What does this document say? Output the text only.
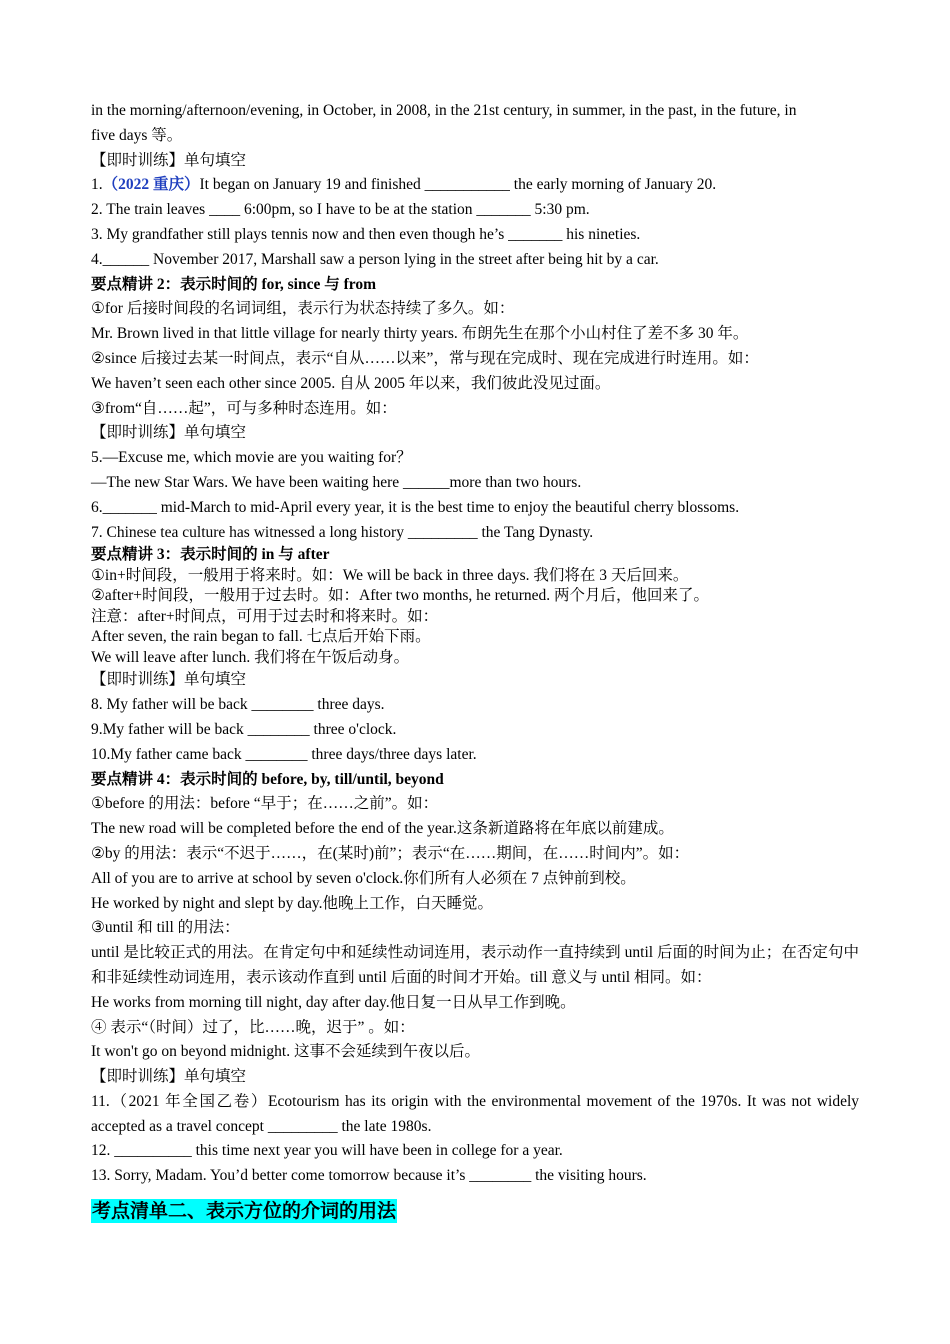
in the morning/afternoon/evening, in October, in 2008, in the 21st century, in summer, in the past, in the future, in
five days 等。
【即时训练】单句填空
1.（2022 重庆）It began on January 19 and finished ___________ the early morning of January 20.
2. The train leaves ____ 6:00pm, so I have to be at the station _______ 5:30 pm.
3. My grandfather still plays tennis now and then even though he’s _______ his nineties.
4.______ November 2017, Marshall saw a person lying in the street after being hit by a car.
要点精讲 2：表示时间的 for, since 与 from
①for 后接时间段的名词词组，表示行为状态持续了多久。如：
Mr. Brown lived in that little village for nearly thirty years. 布朗先生在那个小山村住了差不多 30 年。
②since 后接过去某一时间点，表示“自从……以来”，常与现在完成时、现在完成进行时连用。如：
We haven’t seen each other since 2005. 自从 2005 年以来，我们彼此没见过面。
③from“自……起”，可与多种时态连用。如：
【即时训练】单句填空
5.—Excuse me, which movie are you waiting for？
—The new Star Wars. We have been waiting here ______more than two hours.
6._______ mid-March to mid-April every year, it is the best time to enjoy the beautiful cherry blossoms.
7. Chinese tea culture has witnessed a long history _________ the Tang Dynasty.
要点精讲 3：表示时间的 in 与 after
①in+时间段，一般用于将来时。如：We will be back in three days. 我们将在 3 天后回来。
②after+时间段，一般用于过去时。如：After two months, he returned. 两个月后，他回来了。
注意：after+时间点，可用于过去时和将来时。如：
After seven, the rain began to fall. 七点后开始下雨。
We will leave after lunch. 我们将在午饭后动身。
【即时训练】单句填空
8. My father will be back ________ three days.
9.My father will be back ________ three o'clock.
10.My father came back ________ three days/three days later.
要点精讲 4：表示时间的 before, by, till/until, beyond
①before 的用法：before “早于；在……之前”。如：
The new road will be completed before the end of the year.这条新道路将在年底以前建成。
②by 的用法：表示“不迟于……，在(某时)前”；表示“在……期间，在……时间内”。如：
All of you are to arrive at school by seven o'clock.你们所有人必须在 7 点钟前到校。
He worked by night and slept by day.他晚上工作，白天睡觉。
③until 和 till 的用法：
until 是比较正式的用法。在肯定句中和延续性动词连用，表示动作一直持续到 until 后面的时间为止；在否定句中和非延续性动词连用，表示该动作直到 until 后面的时间才开始。till 意义与 until 相同。如：
He works from morning till night, day after day.他日复一日从早工作到晚。
④ 表示“（时间）过了，比……晚，迟于” 。如：
It won't go on beyond midnight. 这事不会延续到午夜以后。
【即时训练】单句填空
11.（2021 年全国乙卷）Ecotourism has its origin with the environmental movement of the 1970s. It was not widely accepted as a travel concept _________ the late 1980s.
12. __________ this time next year you will have been in college for a year.
13. Sorry, Madam. You’d better come tomorrow because it’s ________ the visiting hours.
考点清单二、表示方位的介词的用法
